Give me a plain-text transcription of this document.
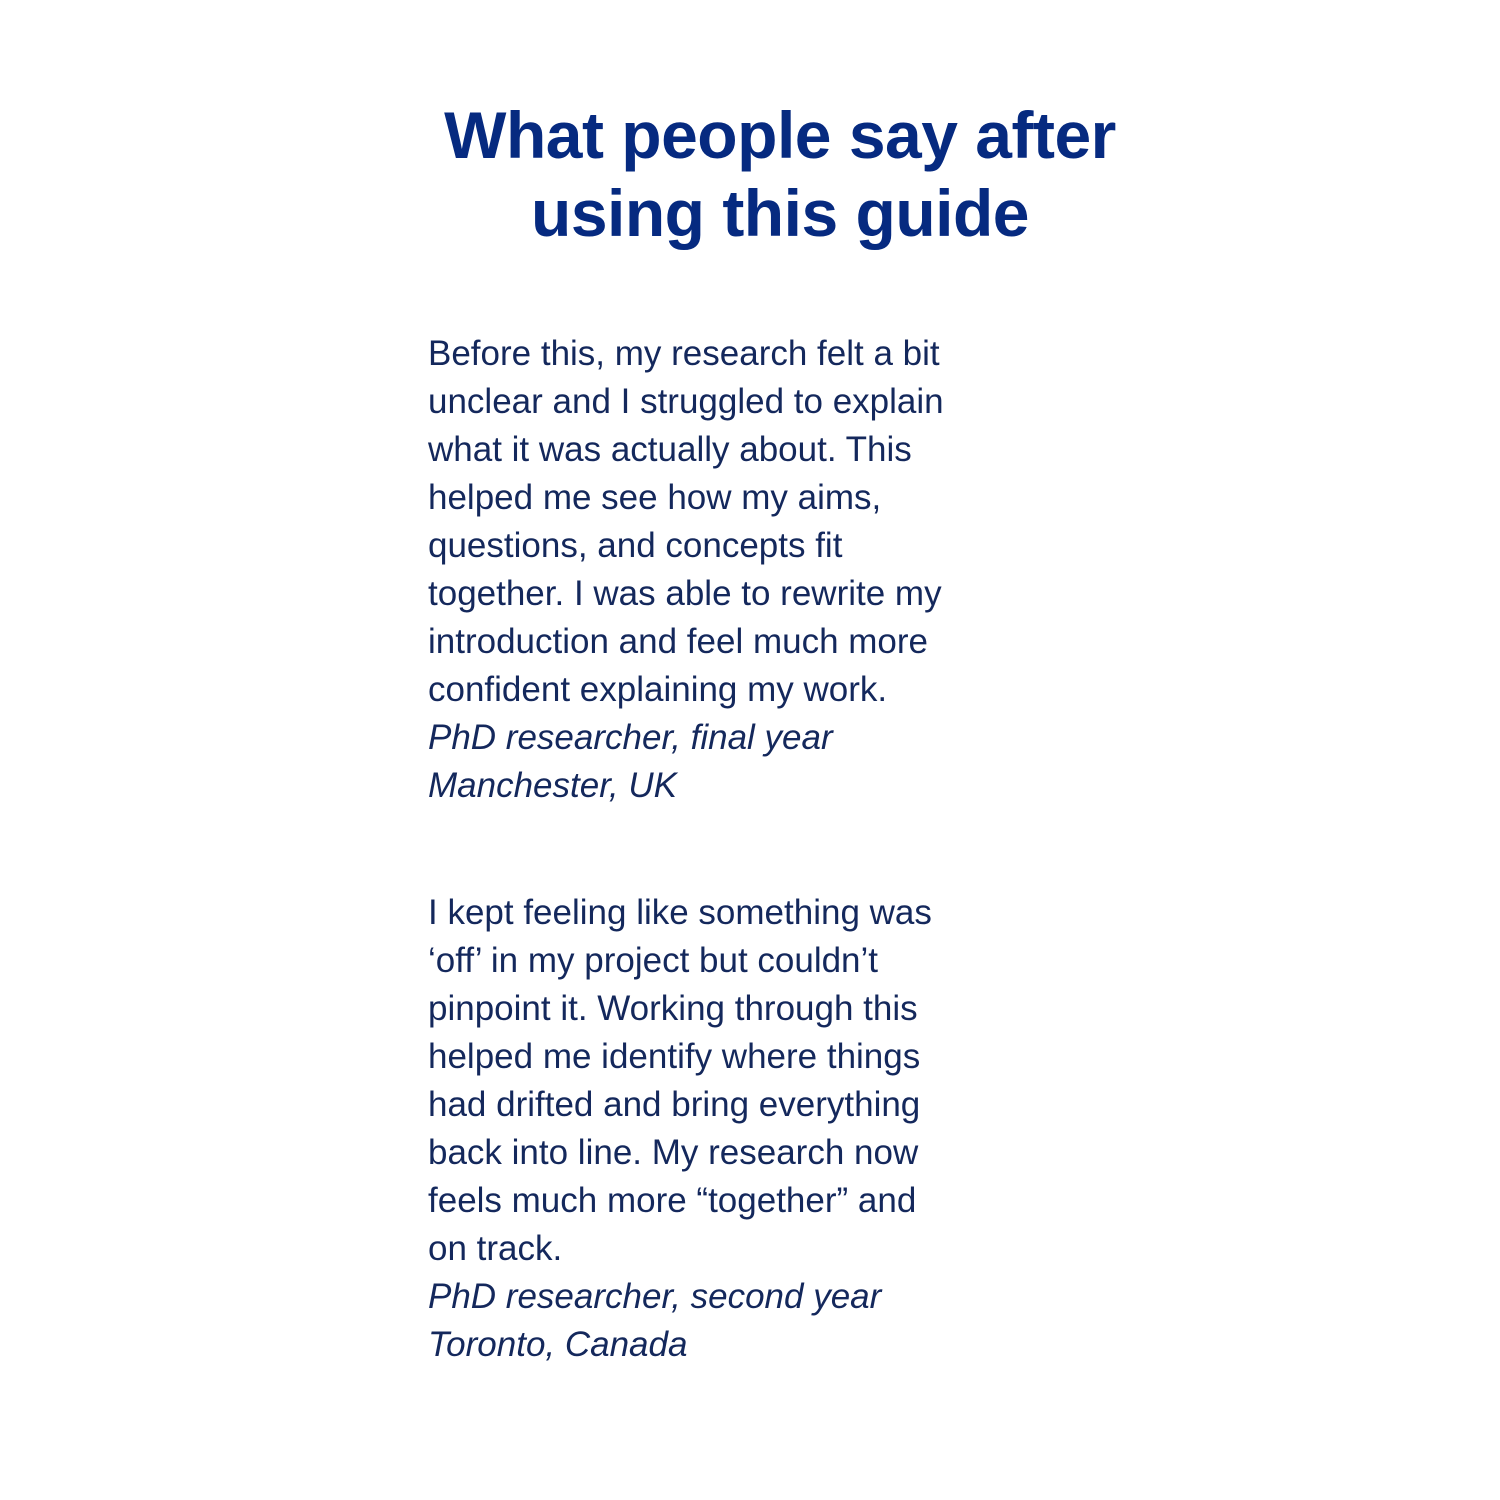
What people say after
using this guide
Before this, my research felt a bit
unclear and I struggled to explain
what it was actually about. This
helped me see how my aims,
questions, and concepts fit
together. I was able to rewrite my
introduction and feel much more
confident explaining my work.
PhD researcher, final year
Manchester, UK
I kept feeling like something was
‘off’ in my project but couldn’t
pinpoint it. Working through this
helped me identify where things
had drifted and bring everything
back into line. My research now
feels much more “together” and
on track.
PhD researcher, second year
Toronto, Canada
